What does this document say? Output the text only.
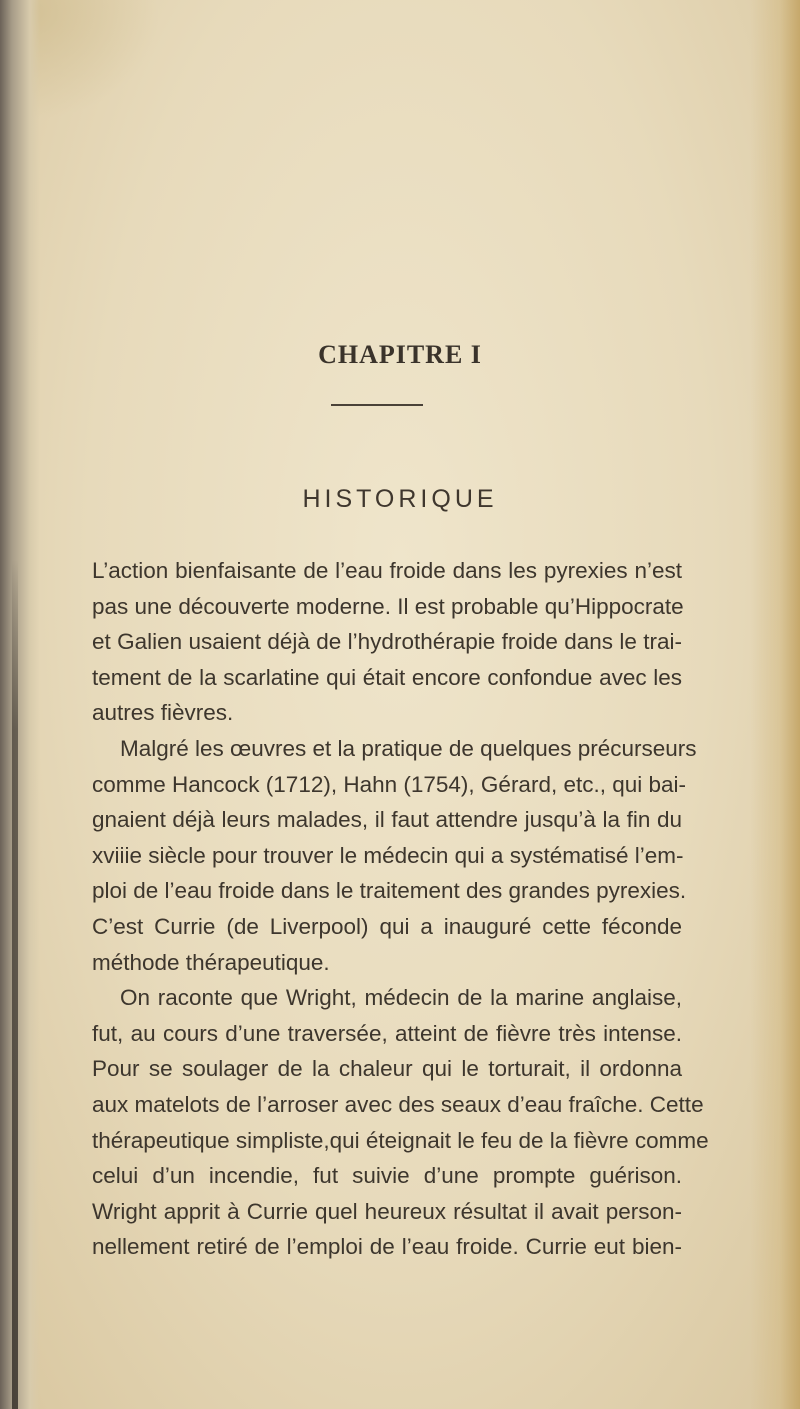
CHAPITRE I
HISTORIQUE
L’action bienfaisante de l’eau froide dans les pyrexies n’est
pas une découverte moderne. Il est probable qu’Hippocrate
et Galien usaient déjà de l’hydrothérapie froide dans le trai-
tement de la scarlatine qui était encore confondue avec les
autres fièvres.
Malgré les œuvres et la pratique de quelques précurseurs
comme Hancock (1712), Hahn (1754), Gérard, etc., qui bai-
gnaient déjà leurs malades, il faut attendre jusqu’à la fin du
xviiie siècle pour trouver le médecin qui a systématisé l’em-
ploi de l’eau froide dans le traitement des grandes pyrexies.
C’est Currie (de Liverpool) qui a inauguré cette féconde
méthode thérapeutique.
On raconte que Wright, médecin de la marine anglaise,
fut, au cours d’une traversée, atteint de fièvre très intense.
Pour se soulager de la chaleur qui le torturait, il ordonna
aux matelots de l’arroser avec des seaux d’eau fraîche. Cette
thérapeutique simpliste,qui éteignait le feu de la fièvre comme
celui d’un incendie, fut suivie d’une prompte guérison.
Wright apprit à Currie quel heureux résultat il avait person-
nellement retiré de l’emploi de l’eau froide. Currie eut bien-
